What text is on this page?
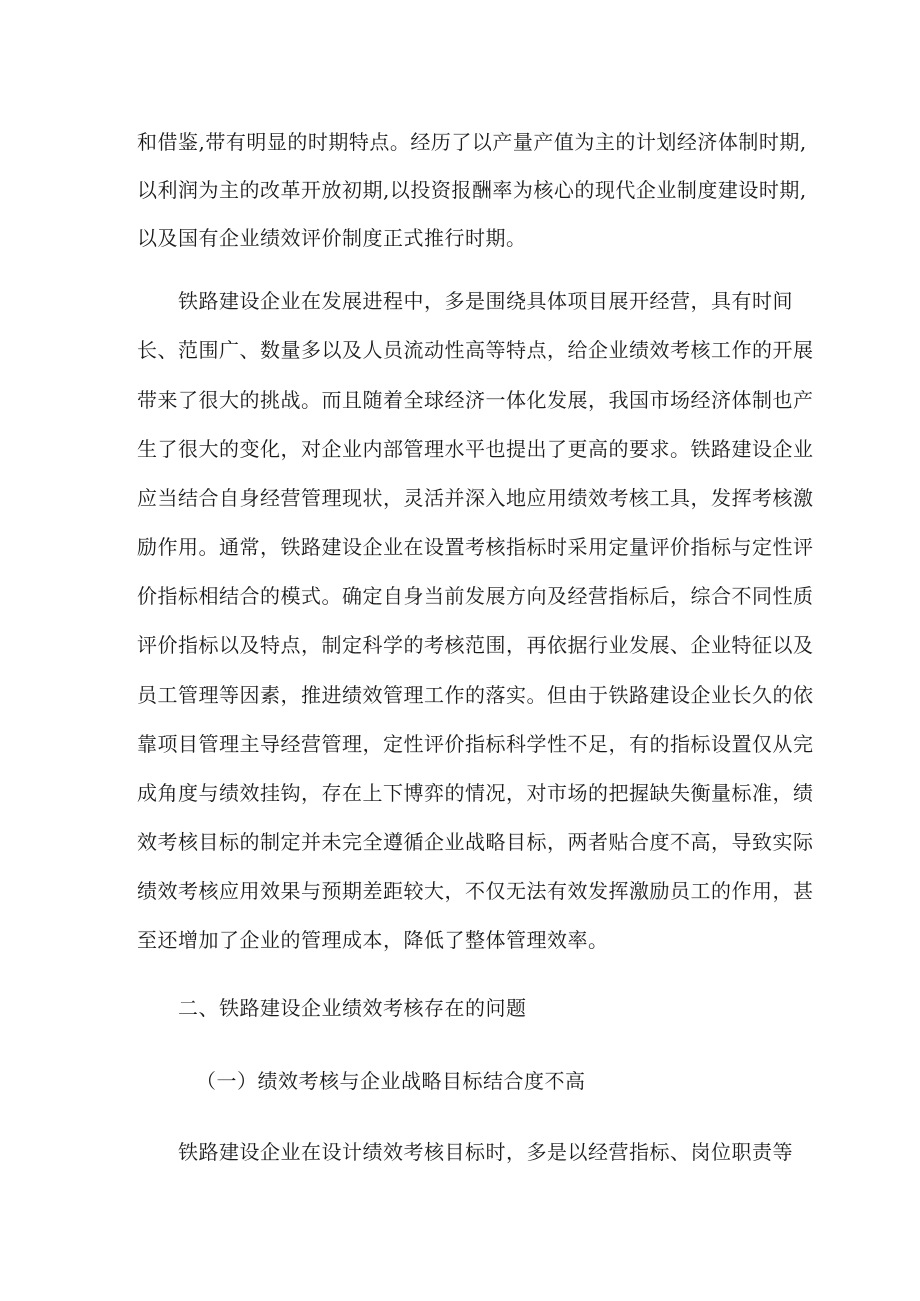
和借鉴,带有明显的时期特点。经历了以产量产值为主的计划经济体制时期,
以利润为主的改革开放初期,以投资报酬率为核心的现代企业制度建设时期,
以及国有企业绩效评价制度正式推行时期。
铁路建设企业在发展进程中，多是围绕具体项目展开经营，具有时间
长、范围广、数量多以及人员流动性高等特点，给企业绩效考核工作的开展
带来了很大的挑战。而且随着全球经济一体化发展，我国市场经济体制也产
生了很大的变化，对企业内部管理水平也提出了更高的要求。铁路建设企业
应当结合自身经营管理现状，灵活并深入地应用绩效考核工具，发挥考核激
励作用。通常，铁路建设企业在设置考核指标时采用定量评价指标与定性评
价指标相结合的模式。确定自身当前发展方向及经营指标后，综合不同性质
评价指标以及特点，制定科学的考核范围，再依据行业发展、企业特征以及
员工管理等因素，推进绩效管理工作的落实。但由于铁路建设企业长久的依
靠项目管理主导经营管理，定性评价指标科学性不足，有的指标设置仅从完
成角度与绩效挂钩，存在上下博弈的情况，对市场的把握缺失衡量标准，绩
效考核目标的制定并未完全遵循企业战略目标，两者贴合度不高，导致实际
绩效考核应用效果与预期差距较大，不仅无法有效发挥激励员工的作用，甚
至还增加了企业的管理成本，降低了整体管理效率。
二、铁路建设企业绩效考核存在的问题
（一）绩效考核与企业战略目标结合度不高
铁路建设企业在设计绩效考核目标时，多是以经营指标、岗位职责等
